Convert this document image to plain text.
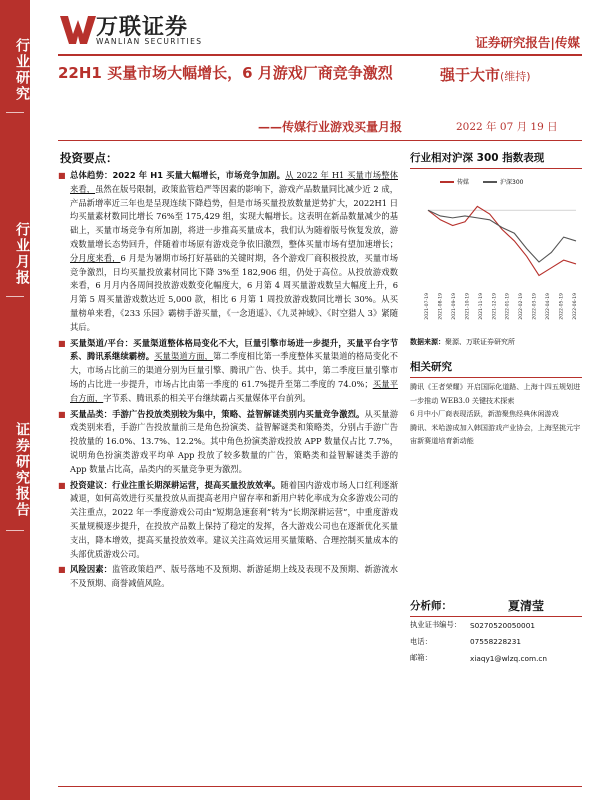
行业研究
行业月报
证券研究报告
万联证券
WANLIAN SECURITIES	证券研究报告|传媒
22H1 买量市场大幅增长，6 月游戏厂商竞争激烈
——传媒行业游戏买量月报
强于大市(维持)
2022 年 07 月 19 日
投资要点：
■ 总体趋势：2022 年 H1 买量大幅增长，市场竞争加剧。从 2022 年 H1 买量市场整体来看，虽然在版号限制，政策监管趋严等因素的影响下，游戏产品数量同比减少近 2 成，产品新增率近三年也是呈现连续下降趋势，但是市场买量投放数量逆势扩大，2022H1 日均买量素材数同比增长 76%至 175,429 组，实现大幅增长。这表明在新品数量减少的基础上，买量市场竞争有所加剧，将进一步推高买量成本，我们认为随着版号恢复发放，游戏数量增长态势回升，伴随着市场原有游戏竞争依旧激烈，整体买量市场有望加速增长；分月度来看，6 月是为暑期市场打好基础的关键时期，各个游戏厂商积极投放，买量市场竞争激烈，日均买量投放素材同比下降 3%至 182,906 组，仍处于高位。从投放游戏数来看，6 月月内各周间投放游戏数变化幅度大，6 月第 4 周买量游戏数呈大幅度上升，6 月第 5 周买量游戏数达近 5,000 款，相比 6 月第 1 周投放游戏数同比增长 30%。从买量榜单来看，《233 乐园》霸榜手游买量，《一念逍遥》、《九灵神域》、《时空猎人 3》紧随其后。
■ 买量渠道/平台：买量渠道整体格局变化不大，巨量引擎市场进一步提升，买量平台字节系、腾讯系继续霸榜。买量渠道方面，第二季度相比第一季度整体买量渠道的格局变化不大，市场占比前三的渠道分别为巨量引擎、腾讯广告、快手。其中，第二季度巨量引擎市场的占比进一步提升，市场占比由第一季度的 61.7%提升至第二季度的 74.0%；买量平台方面，字节系、腾讯系的相关平台继续霸占买量媒体平台前列。
■ 买量品类：手游广告投放类别较为集中，策略、益智解谜类别内买量竞争激烈。从买量游戏类别来看，手游广告投放量前三是角色扮演类、益智解谜类和策略类，分别占手游广告投放量的 16.0%、13.7%、12.2%。其中角色扮演类游戏投放 APP 数量仅占比 7.7%，说明角色扮演类游戏平均单 App 投放了较多数量的广告，策略类和益智解谜类手游的 App 数量占比高，品类内的买量竞争更为激烈。
■ 投资建议：行业注重长期深耕运营，提高买量投放效率。随着国内游戏市场人口红利逐渐减退，如何高效进行买量投放从而提高老用户留存率和新用户转化率成为众多游戏公司的关注重点，2022 年一季度游戏公司由“短期急速套利”转为“长期深耕运营”，中重度游戏买量规模逐步提升，在投放产品数上保持了稳定的发挥，各大游戏公司也在逐渐优化买量支出，降本增效，提高买量投放效率。建议关注高效运用买量策略、合理控制买量成本的头部优质游戏公司。
■ 风险因素：监管政策趋严、版号落地不及预期、新游延期上线及表现不及预期、新游流水不及预期、商誉减值风险。
行业相对沪深 300 指数表现
传媒	沪深300
2021-07-19 2021-08-19 2021-09-19 2021-10-19 2021-11-19 2021-12-19 2022-01-19 2022-02-19 2022-03-19 2022-04-19 2022-05-19 2022-06-19
数据来源：聚源、万联证券研究所
相关研究
腾讯《王者荣耀》开启国际化道路、上海十四五规划进一步推动 WEB3.0 关键技术探索
6 月中小厂商表现活跃，新游聚焦经典休闲游戏
腾讯、米哈游成加入韩国游戏产业协会，上海坚挑元宇宙新赛道培育新动能
分析师：	夏清莹
执业证书编号：	S0270520050001
电话：	07558228231
邮箱：	xiaqy1@wlzq.com.cn
